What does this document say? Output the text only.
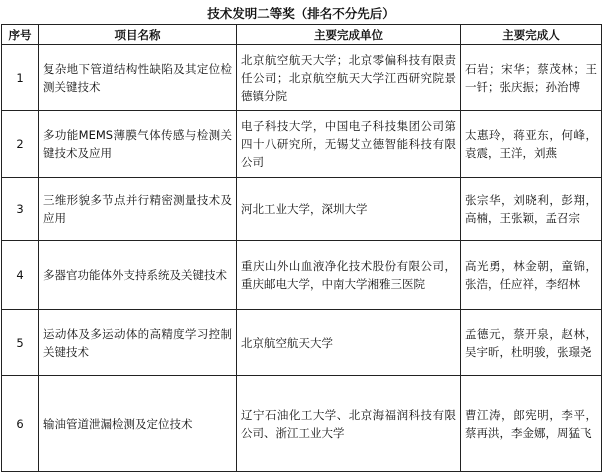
技术发明二等奖（排名不分先后）
序号	项目名称	主要完成单位	主要完成人
1	复杂地下管道结构性缺陷及其定位检测关键技术	北京航空航天大学；北京零偏科技有限责任公司；北京航空航天大学江西研究院景德镇分院	石岩；宋华；蔡茂林；王一钎；张庆振；孙治博
2	多功能MEMS薄膜气体传感与检测关键技术及应用	电子科技大学，中国电子科技集团公司第四十八研究所，无锡艾立德智能科技有限公司	太惠玲，蒋亚东，何峰，袁震，王洋，刘燕
3	三维形貌多节点并行精密测量技术及应用	河北工业大学，深圳大学	张宗华，刘晓利，彭翔，高楠，王张颖，孟召宗
4	多器官功能体外支持系统及关键技术	重庆山外山血液净化技术股份有限公司，重庆邮电大学，中南大学湘雅三医院	高光勇，林金朝，童锦，张浩，任应祥，李绍林
5	运动体及多运动体的高精度学习控制关键技术	北京航空航天大学	孟德元，蔡开泉，赵林，吴宇昕，杜明骏，张璟尧
6	输油管道泄漏检测及定位技术	辽宁石油化工大学、北京海福润科技有限公司、浙江工业大学	曹江涛，郎宪明，李平，蔡再洪，李金娜，周猛飞
